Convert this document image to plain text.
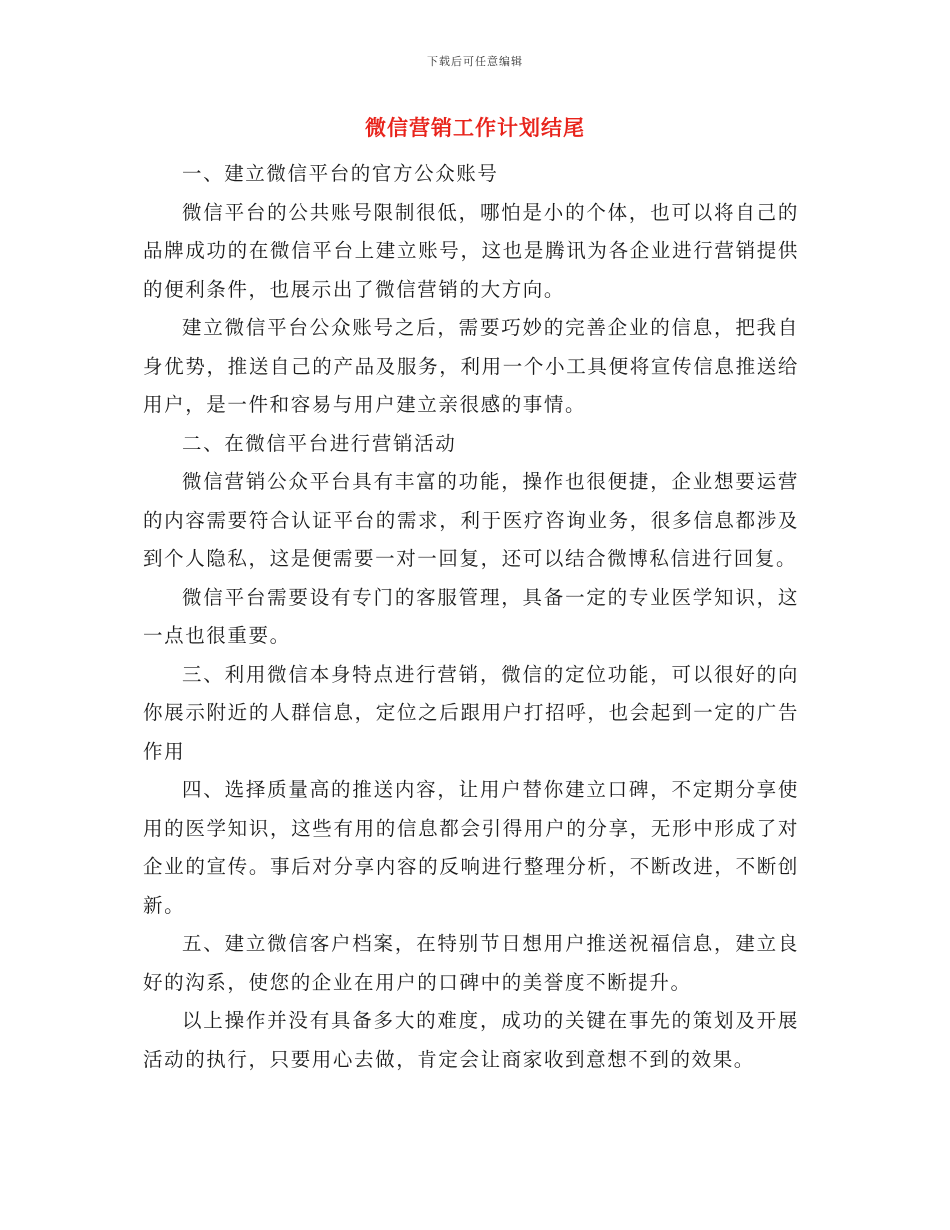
下载后可任意编辑
微信营销工作计划结尾

一、建立微信平台的官方公众账号

微信平台的公共账号限制很低，哪怕是小的个体，也可以将自己的品牌成功的在微信平台上建立账号，这也是腾讯为各企业进行营销提供的便利条件，也展示出了微信营销的大方向。

建立微信平台公众账号之后，需要巧妙的完善企业的信息，把我自身优势，推送自己的产品及服务，利用一个小工具便将宣传信息推送给用户，是一件和容易与用户建立亲很感的事情。

二、在微信平台进行营销活动

微信营销公众平台具有丰富的功能，操作也很便捷，企业想要运营的内容需要符合认证平台的需求，利于医疗咨询业务，很多信息都涉及到个人隐私，这是便需要一对一回复，还可以结合微博私信进行回复。

微信平台需要设有专门的客服管理，具备一定的专业医学知识，这一点也很重要。

三、利用微信本身特点进行营销，微信的定位功能，可以很好的向你展示附近的人群信息，定位之后跟用户打招呼，也会起到一定的广告作用

四、选择质量高的推送内容，让用户替你建立口碑，不定期分享使用的医学知识，这些有用的信息都会引得用户的分享，无形中形成了对企业的宣传。事后对分享内容的反响进行整理分析，不断改进，不断创新。

五、建立微信客户档案，在特别节日想用户推送祝福信息，建立良好的沟系，使您的企业在用户的口碑中的美誉度不断提升。

以上操作并没有具备多大的难度，成功的关键在事先的策划及开展活动的执行，只要用心去做，肯定会让商家收到意想不到的效果。
